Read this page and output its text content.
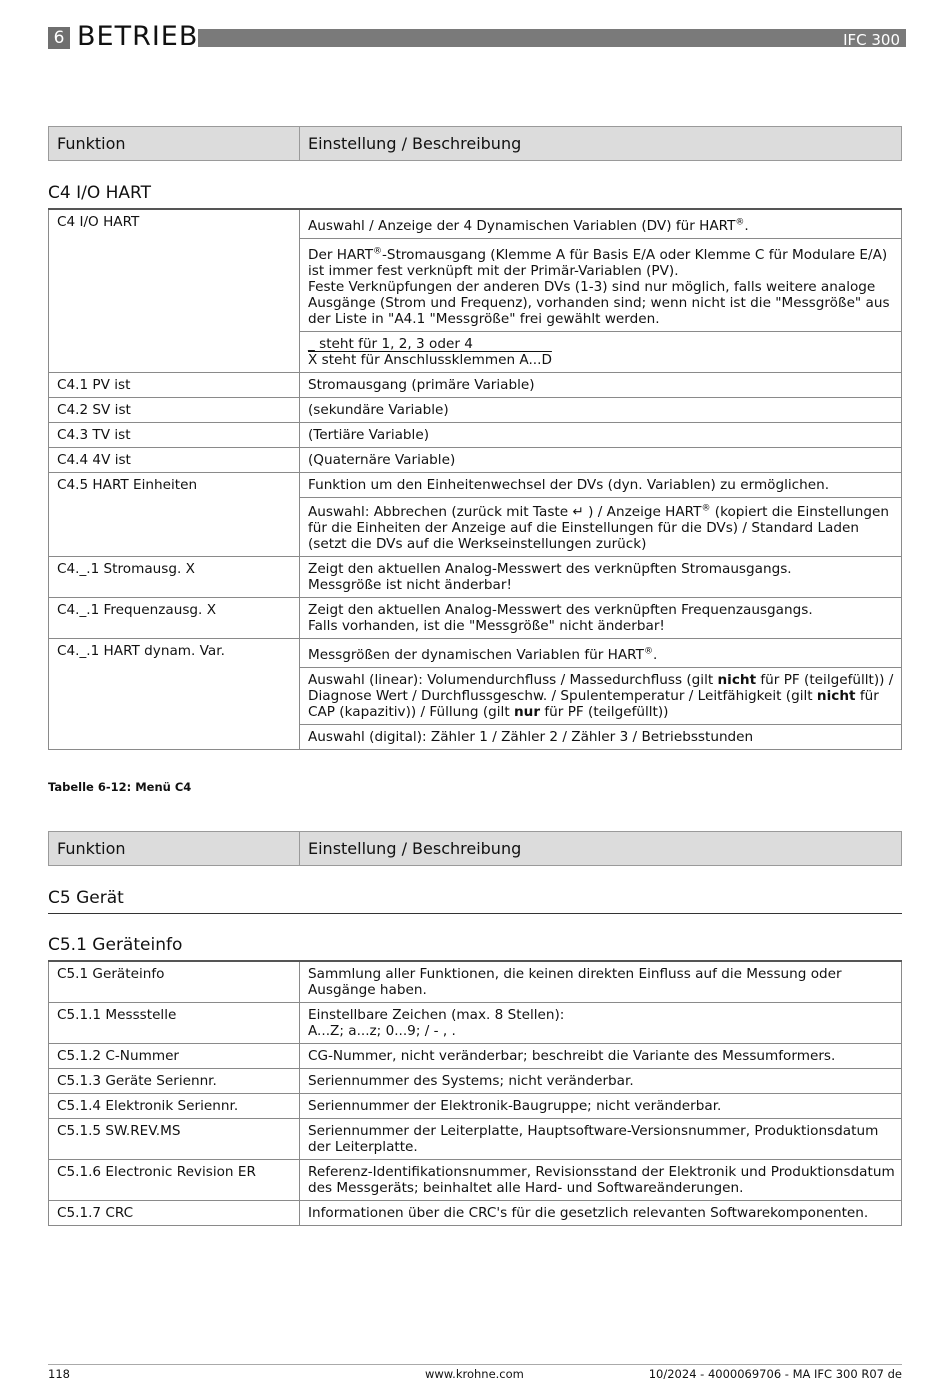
6 BETRIEB	IFC 300
Funktion	Einstellung / Beschreibung
C4 I/O HART
C4 I/O HART	Auswahl / Anzeige der 4 Dynamischen Variablen (DV) für HART®.
	Der HART®-Stromausgang (Klemme A für Basis E/A oder Klemme C für Modulare E/A) ist immer fest verknüpft mit der Primär-Variablen (PV).
Feste Verknüpfungen der anderen DVs (1-3) sind nur möglich, falls weitere analoge Ausgänge (Strom und Frequenz), vorhanden sind; wenn nicht ist die "Messgröße" aus der Liste in "A4.1 "Messgröße" frei gewählt werden.
	_ steht für 1, 2, 3 oder 4
X steht für Anschlussklemmen A...D
C4.1 PV ist	Stromausgang (primäre Variable)
C4.2 SV ist	(sekundäre Variable)
C4.3 TV ist	(Tertiäre Variable)
C4.4 4V ist	(Quaternäre Variable)
C4.5 HART Einheiten	Funktion um den Einheitenwechsel der DVs (dyn. Variablen) zu ermöglichen.
	Auswahl: Abbrechen (zurück mit Taste ↵ ) / Anzeige HART® (kopiert die Einstellungen für die Einheiten der Anzeige auf die Einstellungen für die DVs) / Standard Laden (setzt die DVs auf die Werkseinstellungen zurück)
C4._.1 Stromausg. X	Zeigt den aktuellen Analog-Messwert des verknüpften Stromausgangs.
Messgröße ist nicht änderbar!
C4._.1 Frequenzausg. X	Zeigt den aktuellen Analog-Messwert des verknüpften Frequenzausgangs.
Falls vorhanden, ist die "Messgröße" nicht änderbar!
C4._.1 HART dynam. Var.	Messgrößen der dynamischen Variablen für HART®.
	Auswahl (linear): Volumendurchfluss / Massedurchfluss (gilt nicht für PF (teilgefüllt)) / Diagnose Wert / Durchflussgeschw. / Spulentemperatur / Leitfähigkeit (gilt nicht für CAP (kapazitiv)) / Füllung (gilt nur für PF (teilgefüllt))
	Auswahl (digital): Zähler 1 / Zähler 2 / Zähler 3 / Betriebsstunden
Tabelle 6-12: Menü C4
Funktion	Einstellung / Beschreibung
C5 Gerät
C5.1 Geräteinfo
C5.1 Geräteinfo	Sammlung aller Funktionen, die keinen direkten Einfluss auf die Messung oder Ausgänge haben.
C5.1.1 Messstelle	Einstellbare Zeichen (max. 8 Stellen):
A...Z; a...z; 0...9; / - , .
C5.1.2 C-Nummer	CG-Nummer, nicht veränderbar; beschreibt die Variante des Messumformers.
C5.1.3 Geräte Seriennr.	Seriennummer des Systems; nicht veränderbar.
C5.1.4 Elektronik Seriennr.	Seriennummer der Elektronik-Baugruppe; nicht veränderbar.
C5.1.5 SW.REV.MS	Seriennummer der Leiterplatte, Hauptsoftware-Versionsnummer, Produktionsdatum der Leiterplatte.
C5.1.6 Electronic Revision ER	Referenz-Identifikationsnummer, Revisionsstand der Elektronik und Produktionsdatum des Messgeräts; beinhaltet alle Hard- und Softwareänderungen.
C5.1.7 CRC	Informationen über die CRC's für die gesetzlich relevanten Softwarekomponenten.
118	www.krohne.com	10/2024 - 4000069706 - MA IFC 300 R07 de
